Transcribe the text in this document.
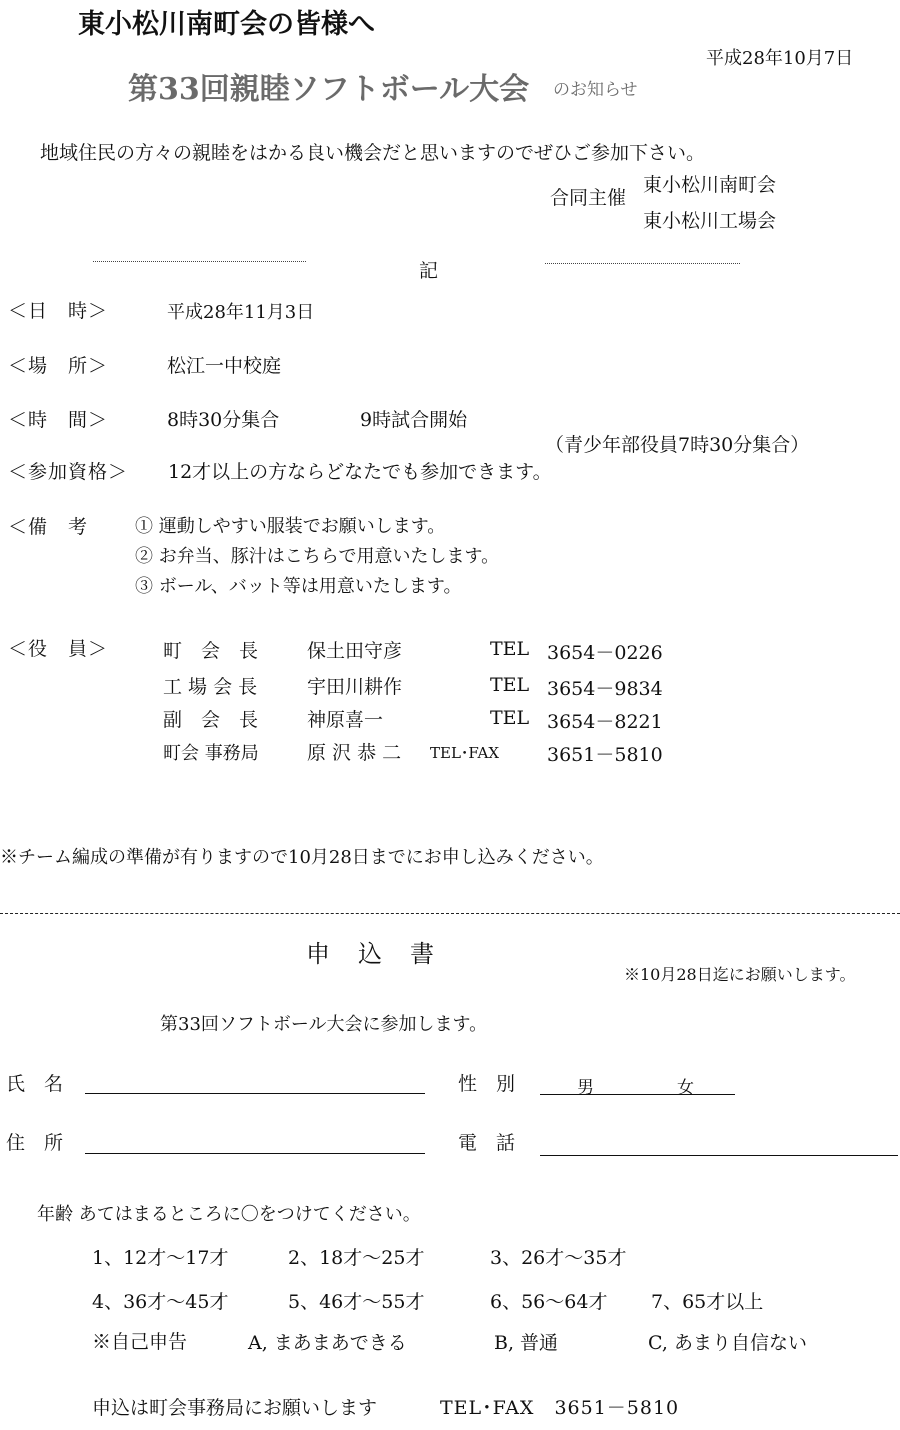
東小松川南町会の皆様へ
平成28年10月7日
第33回親睦ソフトボール大会 のお知らせ
地域住民の方々の親睦をはかる良い機会だと思いますのでぜひご参加下さい。
合同主催
東小松川南町会
東小松川工場会
記
＜日　時＞	平成28年11月3日
＜場　所＞	松江一中校庭
＜時　間＞	8時30分集合	9時試合開始
（青少年部役員7時30分集合）
＜参加資格＞ 12才以上の方ならどなたでも参加できます。
＜備　考	① 運動しやすい服装でお願いします。
② お弁当、豚汁はこちらで用意いたします。
③ ボール、バット等は用意いたします。
＜役　員＞	町　会　長	保土田守彦	TEL 3654－0226
工 場 会 長	宇田川耕作	TEL 3654－9834
副　会　長	神原喜一	TEL 3654－8221
町会 事務局	原 沢 恭 二 TEL･FAX	3651－5810
※チーム編成の準備が有りますので10月28日までにお申し込みください。
申　込　書
※10月28日迄にお願いします。
第33回ソフトボール大会に参加します。
氏　名	性　別	男	女
住　所	電　話
年齢 あてはまるところに〇をつけてください。
1、12才～17才	2、18才～25才	3、26才～35才
4、36才～45才	5、46才～55才	6、56～64才 7、65才以上
※自己申告	A, まあまあできる	B, 普通	C, あまり自信ない
申込は町会事務局にお願いします	TEL･FAX　3651－5810
